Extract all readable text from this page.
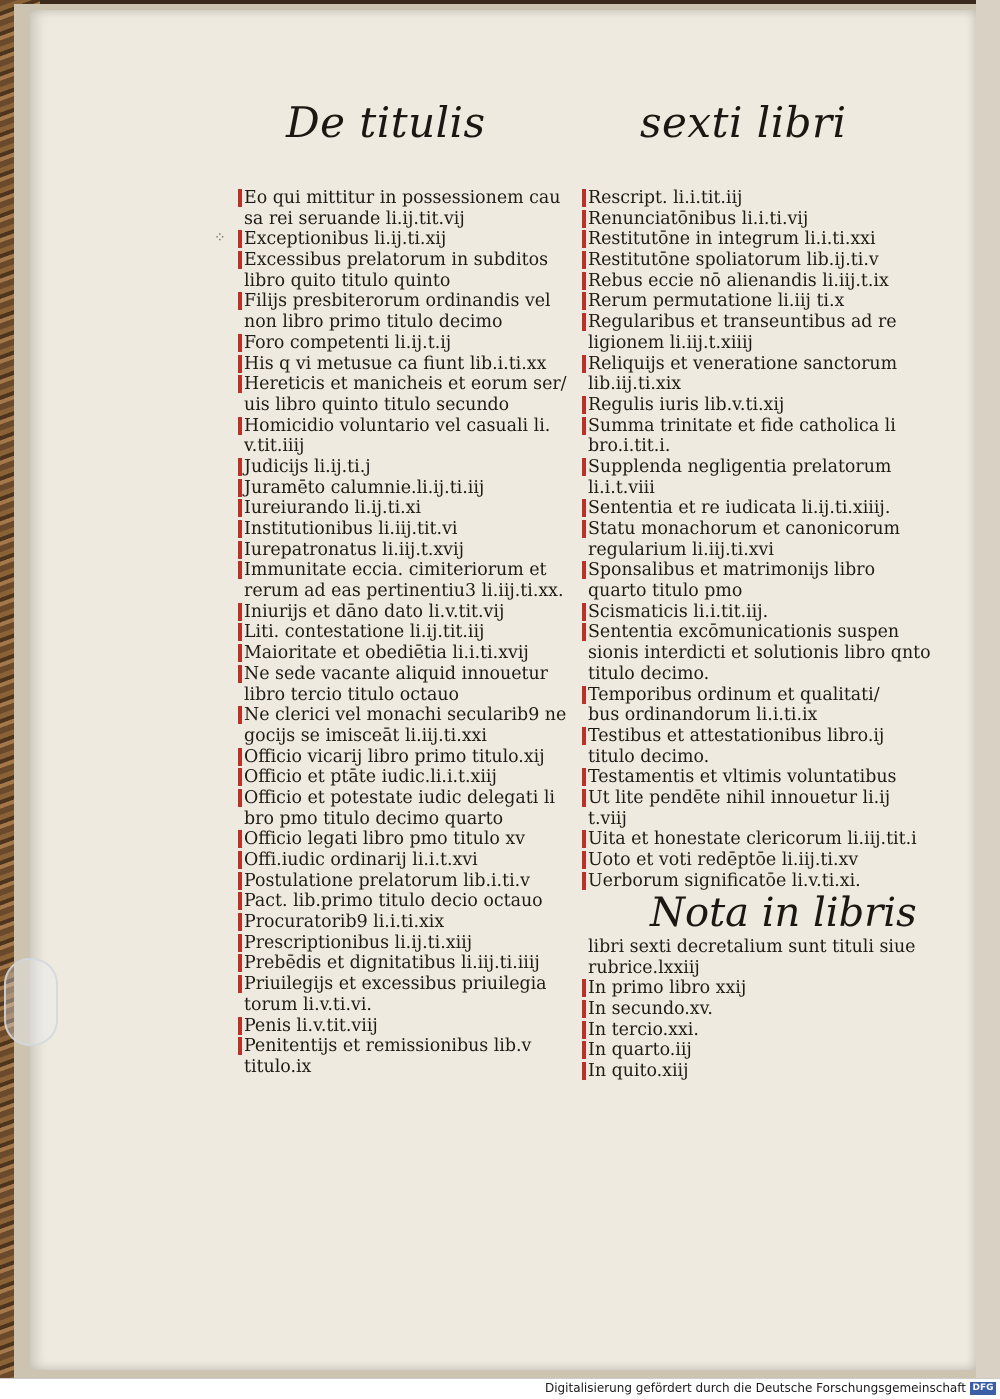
De titulis	sexti libri
⁘
Eo qui mittitur in possessionem cau
sa rei seruande li.ij.tit.vij
Exceptionibus li.ij.ti.xij
Excessibus prelatorum in subditos
libro quito titulo quinto
Filijs presbiterorum ordinandis vel
non libro primo titulo decimo
Foro competenti li.ij.t.ij
His q vi metusue ca fiunt lib.i.ti.xx
Hereticis et manicheis et eorum ser/
uis libro quinto titulo secundo
Homicidio voluntario vel casuali li.
v.tit.iiij
Judicijs li.ij.ti.j
Juramēto calumnie.li.ij.ti.iij
Iureiurando li.ij.ti.xi
Institutionibus li.iij.tit.vi
Iurepatronatus li.iij.t.xvij
Immunitate eccia. cimiteriorum et
rerum ad eas pertinentiu3 li.iij.ti.xx.
Iniurijs et dāno dato li.v.tit.vij
Liti. contestatione li.ij.tit.iij
Maioritate et obediētia li.i.ti.xvij
Ne sede vacante aliquid innouetur
libro tercio titulo octauo
Ne clerici vel monachi secularib9 ne
gocijs se imisceāt li.iij.ti.xxi
Officio vicarij libro primo titulo.xij
Officio et ptāte iudic.li.i.t.xiij
Officio et potestate iudic delegati li
bro pmo titulo decimo quarto
Officio legati libro pmo titulo xv
Offi.iudic ordinarij li.i.t.xvi
Postulatione prelatorum lib.i.ti.v
Pact. lib.primo titulo decio octauo
Procuratorib9 li.i.ti.xix
Prescriptionibus li.ij.ti.xiij
Prebēdis et dignitatibus li.iij.ti.iiij
Priuilegijs et excessibus priuilegia
torum li.v.ti.vi.
Penis li.v.tit.viij
Penitentijs et remissionibus lib.v
titulo.ix
Rescript. li.i.tit.iij
Renunciatōnibus li.i.ti.vij
Restitutōne in integrum li.i.ti.xxi
Restitutōne spoliatorum lib.ij.ti.v
Rebus eccie nō alienandis li.iij.t.ix
Rerum permutatione li.iij ti.x
Regularibus et transeuntibus ad re
ligionem li.iij.t.xiiij
Reliquijs et veneratione sanctorum
lib.iij.ti.xix
Regulis iuris lib.v.ti.xij
Summa trinitate et fide catholica li
bro.i.tit.i.
Supplenda negligentia prelatorum
li.i.t.viii
Sententia et re iudicata li.ij.ti.xiiij.
Statu monachorum et canonicorum
regularium li.iij.ti.xvi
Sponsalibus et matrimonijs libro
quarto titulo pmo
Scismaticis li.i.tit.iij.
Sententia excōmunicationis suspen
sionis interdicti et solutionis libro qnto
titulo decimo.
Temporibus ordinum et qualitati/
bus ordinandorum li.i.ti.ix
Testibus et attestationibus libro.ij
titulo decimo.
Testamentis et vltimis voluntatibus
Ut lite pendēte nihil innouetur li.ij
t.viij
Uita et honestate clericorum li.iij.tit.i
Uoto et voti redēptōe li.iij.ti.xv
Uerborum significatōe li.v.ti.xi.
Nota in libris
libri sexti decretalium sunt tituli siue
rubrice.lxxiij
In primo libro xxij
In secundo.xv.
In tercio.xxi.
In quarto.iij
In quito.xiij
Digitalisierung gefördert durch die Deutsche Forschungsgemeinschaft DFG
